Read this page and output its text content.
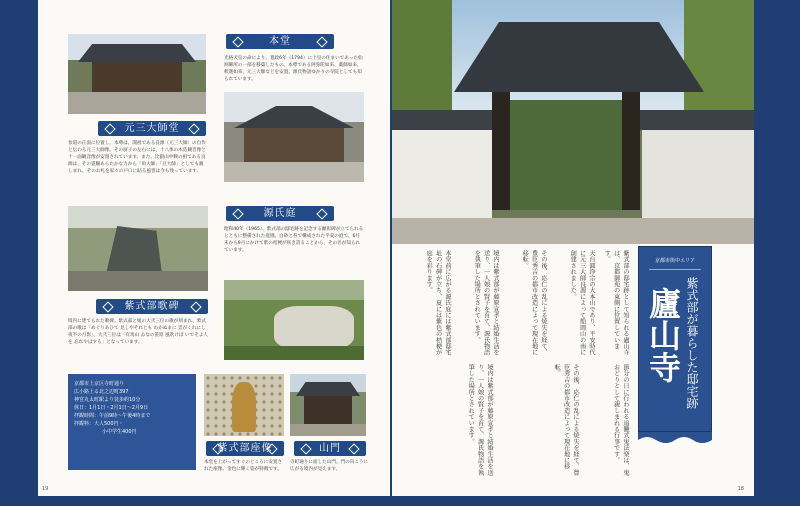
元三大師堂
参道の正面に位置し、本尊は、開祖である良源（元三大師）の自作と伝わる元三大師像。その厨子の左右には、十八体の木造観音像と十一面観音像が安置されています。また、比叡山中興の祖である良源は、その霊験あらたかな力から「角大師」「豆大師」としても親しまれ、そのお札を家々の戸口に貼る風習は今も残っています。
本堂
光格天皇の命により、寛政6年（1794）に上皇の住まいであった仙洞御所の一部を移築したもの。本尊である阿弥陀如来、薬師如来、釈迦如来、元三大師などを安置。源氏物語ゆかりの寺院としても知られています。
源氏庭
昭和40年（1965）、紫式部の邸宅跡を記念する顕彰碑が立てられるとともに整備された庭園。白砂と苔で構成された平安の庭で、6月末から9月にかけて紫の桔梗が咲き誇ることから、その名が知られています。
紫式部歌碑
境内に建てられた歌碑。紫式部と娘の大弐三位の歌が刻まれ、紫式部の歌は「めぐりあひて 見しやそれとも わかぬまに 雲がくれにし 夜半の月影」、大弐三位は「有馬山 ゐなの笹原 風吹けば いでそよ人を 忘れやはする」となっています。
京都市上京区寺町通り
広小路上る北之辺町397
神宮丸太町駅より徒歩約10分
休日：1月1日・2月1日〜2月9日
拝観時間：午前9時〜午後4時まで
拝観料：大人500円・
小中学生400円
紫式部座像
本堂を上がってすぐのところに安置された座像。金色に輝く姿が特徴です。
山門
寺町通りに面した山門。門の向こうに広がる境内が見えます。
19
紫式部の邸宅跡として知られる廬山寺は、京都御苑の東側に位置しています。
天台圓浄宗の大本山であり、平安時代に元三大師良源によって船岡山の南に創建されました。
その後、応仁の乱による焼失を経て、豊臣秀吉の都市改造によって現在地に移転。
境内は紫式部が藤原宣孝と結婚生活を送り、一人娘の賢子を育て、源氏物語を執筆した場所とされています。
本堂前に広がる源氏庭には紫式部邸宅址の石碑が立ち、夏には紫色の桔梗が庭を彩ります。
節分の日に行われる追儺式鬼法楽は、鬼おどりとして親しまれる行事です。
その後、応仁の乱による焼失を経て、豊臣秀吉の都市改造によって現在地に移転。
境内は紫式部が藤原宣孝と結婚生活を送り、一人娘の賢子を育て、源氏物語を執筆した場所とされています。
京都市街中エリア
紫式部が暮らした邸宅跡
廬山寺
18
